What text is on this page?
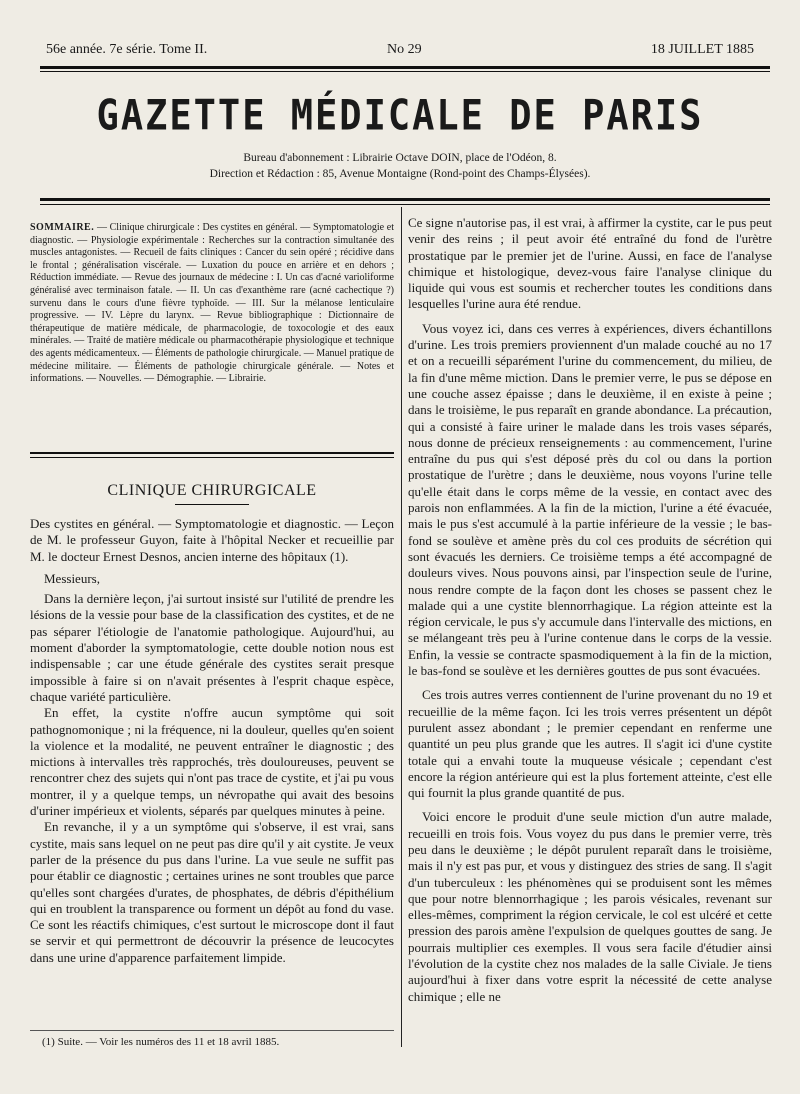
56e année. 7e série. Tome II.	No 29	18 JUILLET 1885
GAZETTE MÉDICALE DE PARIS
Bureau d'abonnement : Librairie Octave DOIN, place de l'Odéon, 8.
Direction et Rédaction : 85, Avenue Montaigne (Rond-point des Champs-Élysées).
SOMMAIRE. — Clinique chirurgicale : Des cystites en général. — Symptomatologie et diagnostic. — Physiologie expérimentale : Recherches sur la contraction simultanée des muscles antagonistes. — Recueil de faits cliniques : Cancer du sein opéré ; récidive dans le frontal ; généralisation viscérale. — Luxation du pouce en arrière et en dehors ; Réduction immédiate. — Revue des journaux de médecine : I. Un cas d'acné varioliforme généralisé avec terminaison fatale. — II. Un cas d'exanthème rare (acné cachectique ?) survenu dans le cours d'une fièvre typhoïde. — III. Sur la mélanose lenticulaire progressive. — IV. Lèpre du larynx. — Revue bibliographique : Dictionnaire de thérapeutique de matière médicale, de pharmacologie, de toxocologie et des eaux minérales. — Traité de matière médicale ou pharmacothérapie physiologique et technique des agents médicamenteux. — Éléments de pathologie chirurgicale. — Manuel pratique de médecine militaire. — Éléments de pathologie chirurgicale générale. — Notes et informations. — Nouvelles. — Démographie. — Librairie.
CLINIQUE CHIRURGICALE

Des cystites en général. — Symptomatologie et diagnostic. — Leçon de M. le professeur Guyon, faite à l'hôpital Necker et recueillie par M. le docteur Ernest Desnos, ancien interne des hôpitaux (1).

Messieurs,

Dans la dernière leçon, j'ai surtout insisté sur l'utilité de prendre les lésions de la vessie pour base de la classification des cystites, et de ne pas séparer l'étiologie de l'anatomie pathologique. Aujourd'hui, au moment d'aborder la symptomatologie, cette double notion nous est indispensable ; car une étude générale des cystites serait presque impossible à faire si on n'avait présentes à l'esprit chaque espèce, chaque variété particulière.

En effet, la cystite n'offre aucun symptôme qui soit pathognomonique ; ni la fréquence, ni la douleur, quelles qu'en soient la violence et la modalité, ne peuvent entraîner le diagnostic ; des mictions à intervalles très rapprochés, très douloureuses, peuvent se rencontrer chez des sujets qui n'ont pas trace de cystite, et j'ai pu vous montrer, il y a quelque temps, un névropathe qui avait des besoins d'uriner impérieux et violents, séparés par quelques minutes à peine.

En revanche, il y a un symptôme qui s'observe, il est vrai, sans cystite, mais sans lequel on ne peut pas dire qu'il y ait cystite. Je veux parler de la présence du pus dans l'urine. La vue seule ne suffit pas pour établir ce diagnostic ; certaines urines ne sont troubles que parce qu'elles sont chargées d'urates, de phosphates, de débris d'épithélium qui en troublent la transparence ou forment un dépôt au fond du vase. Ce sont les réactifs chimiques, c'est surtout le microscope dont il faut se servir et qui permettront de découvrir la présence de leucocytes dans une urine d'apparence parfaitement limpide.

(1) Suite. — Voir les numéros des 11 et 18 avril 1885.

Ce signe n'autorise pas, il est vrai, à affirmer la cystite, car le pus peut venir des reins ; il peut avoir été entraîné du fond de l'urètre prostatique par le premier jet de l'urine. Aussi, en face de l'analyse chimique et histologique, devez-vous faire l'analyse clinique du liquide qui vous est soumis et rechercher toutes les conditions dans lesquelles l'urine aura été rendue.

Vous voyez ici, dans ces verres à expériences, divers échantillons d'urine. Les trois premiers proviennent d'un malade couché au no 17 et on a recueilli séparément l'urine du commencement, du milieu, de la fin d'une même miction. Dans le premier verre, le pus se dépose en une couche assez épaisse ; dans le deuxième, il en existe à peine ; dans le troisième, le pus reparaît en grande abondance. La précaution, qui a consisté à faire uriner le malade dans les trois vases séparés, nous donne de précieux renseignements : au commencement, l'urine entraîne du pus qui s'est déposé près du col ou dans la portion prostatique de l'urètre ; dans le deuxième, nous voyons l'urine telle qu'elle était dans le corps même de la vessie, en contact avec des parois non enflammées. A la fin de la miction, l'urine a été évacuée, mais le pus s'est accumulé à la partie inférieure de la vessie ; le bas-fond se soulève et amène près du col ces produits de sécrétion qui sont évacués les derniers. Ce troisième temps a été accompagné de douleurs vives. Nous pouvons ainsi, par l'inspection seule de l'urine, nous rendre compte de la façon dont les choses se passent chez le malade qui a une cystite blennorrhagique. La région atteinte est la région cervicale, le pus s'y accumule dans l'intervalle des mictions, en se mélangeant très peu à l'urine contenue dans le corps de la vessie. Enfin, la vessie se contracte spasmodiquement à la fin de la miction, le bas-fond se soulève et les dernières gouttes de pus sont évacuées.

Ces trois autres verres contiennent de l'urine provenant du no 19 et recueillie de la même façon. Ici les trois verres présentent un dépôt purulent assez abondant ; le premier cependant en renferme une quantité un peu plus grande que les autres. Il s'agit ici d'une cystite totale qui a envahi toute la muqueuse vésicale ; cependant c'est encore la région antérieure qui est la plus fortement atteinte, c'est elle qui fournit la plus grande quantité de pus.

Voici encore le produit d'une seule miction d'un autre malade, recueilli en trois fois. Vous voyez du pus dans le premier verre, très peu dans le deuxième ; le dépôt purulent reparaît dans le troisième, mais il n'y est pas pur, et vous y distinguez des stries de sang. Il s'agit d'un tuberculeux : les phénomènes qui se produisent sont les mêmes que pour notre blennorrhagique ; les parois vésicales, revenant sur elles-mêmes, compriment la région cervicale, le col est ulcéré et cette pression des parois amène l'expulsion de quelques gouttes de sang. Je pourrais multiplier ces exemples. Il vous sera facile d'étudier ainsi l'évolution de la cystite chez nos malades de la salle Civiale. Je tiens aujourd'hui à fixer dans votre esprit la nécessité de cette analyse chimique ; elle ne
